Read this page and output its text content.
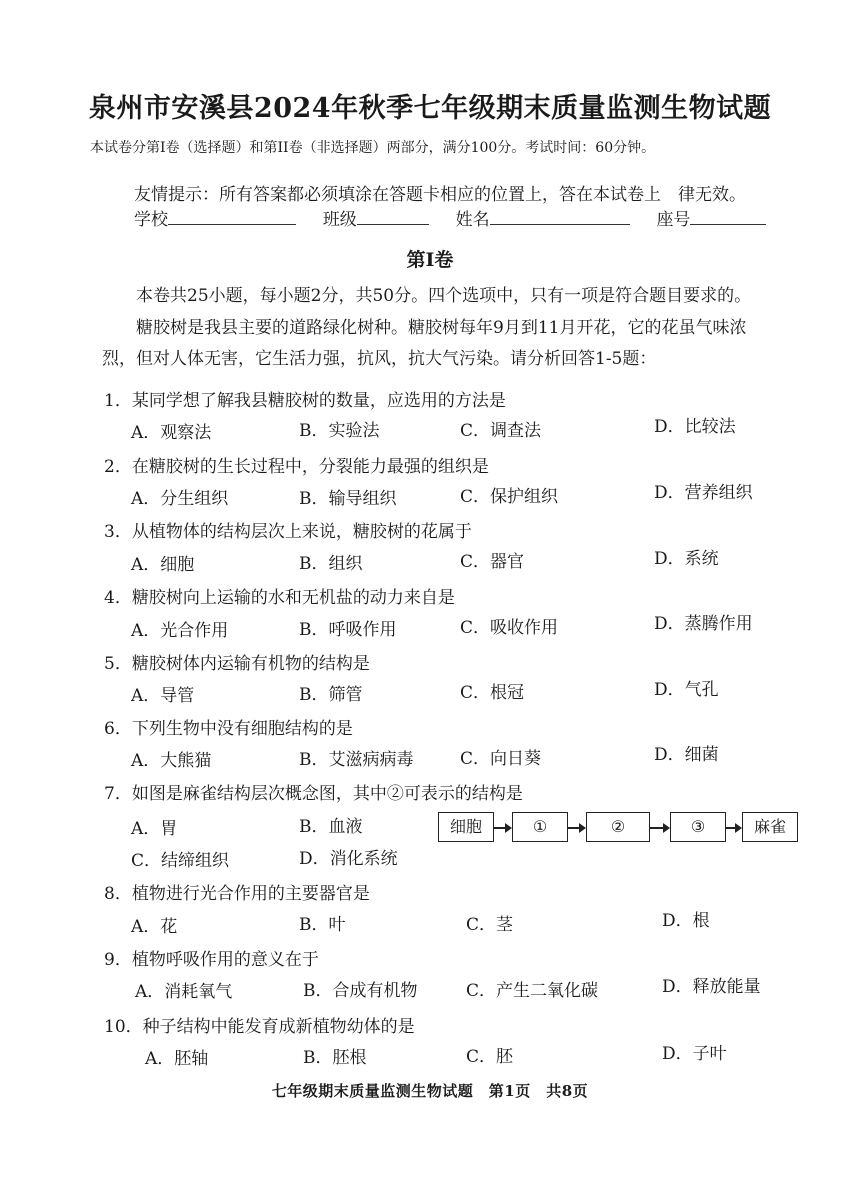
泉州市安溪县2024年秋季七年级期末质量监测生物试题
本试卷分第I卷（选择题）和第II卷（非选择题）两部分，满分100分。考试时间：60分钟。
友情提示：所有答案都必须填涂在答题卡相应的位置上，答在本试卷上　律无效。
学校	班级	姓名	座号
第I卷
本卷共25小题，每小题2分，共50分。四个选项中，只有一项是符合题目要求的。
糖胶树是我县主要的道路绿化树种。糖胶树每年9月到11月开花，它的花虽气味浓
烈，但对人体无害，它生活力强，抗风，抗大气污染。请分析回答1-5题：
1．某同学想了解我县糖胶树的数量，应选用的方法是
A．观察法	B．实验法	C．调查法	D．比较法
2．在糖胶树的生长过程中，分裂能力最强的组织是
A．分生组织	B．输导组织	C．保护组织	D．营养组织
3．从植物体的结构层次上来说，糖胶树的花属于
A．细胞	B．组织	C．器官	D．系统
4．糖胶树向上运输的水和无机盐的动力来自是
A．光合作用	B．呼吸作用	C．吸收作用	D．蒸腾作用
5．糖胶树体内运输有机物的结构是
A．导管	B．筛管	C．根冠	D．气孔
6．下列生物中没有细胞结构的是
A．大熊猫	B．艾滋病病毒	C．向日葵	D．细菌
7．如图是麻雀结构层次概念图，其中②可表示的结构是
A．胃	B．血液
C．结缔组织	D．消化系统
细胞	①	②	③	麻雀
8．植物进行光合作用的主要器官是
A．花	B．叶	C．茎	D．根
9．植物呼吸作用的意义在于
A．消耗氧气	B．合成有机物	C．产生二氧化碳	D．释放能量
10．种子结构中能发育成新植物幼体的是
A．胚轴	B．胚根	C．胚	D．子叶
七年级期末质量监测生物试题　第1页　共8页
